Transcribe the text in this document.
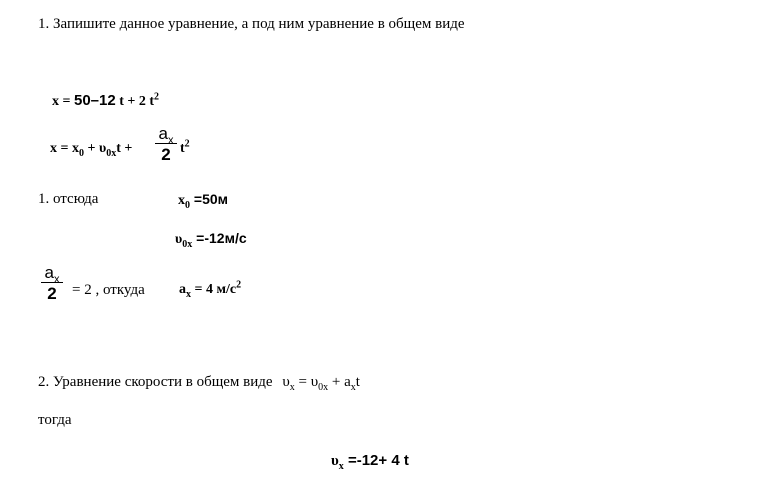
1. Запишите данное уравнение, а под ним уравнение в общем виде
x = 50–12 t + 2 $t^2$
$x = x_0 + \upsilon_{0x}t$ +
$a_x$
2 $t^2$
1. отсюда	$x_0 =50м$
$\upsilon_{0x} =-12м/с$
$a_x$
2	= 2 , откуда $a_x = 4$ $м/с^2$
2. Уравнение скорости в общем виде $\upsilon_x = \upsilon_{0x} + a_xt$
тогда
$\upsilon_x =-12+ 4$ t
